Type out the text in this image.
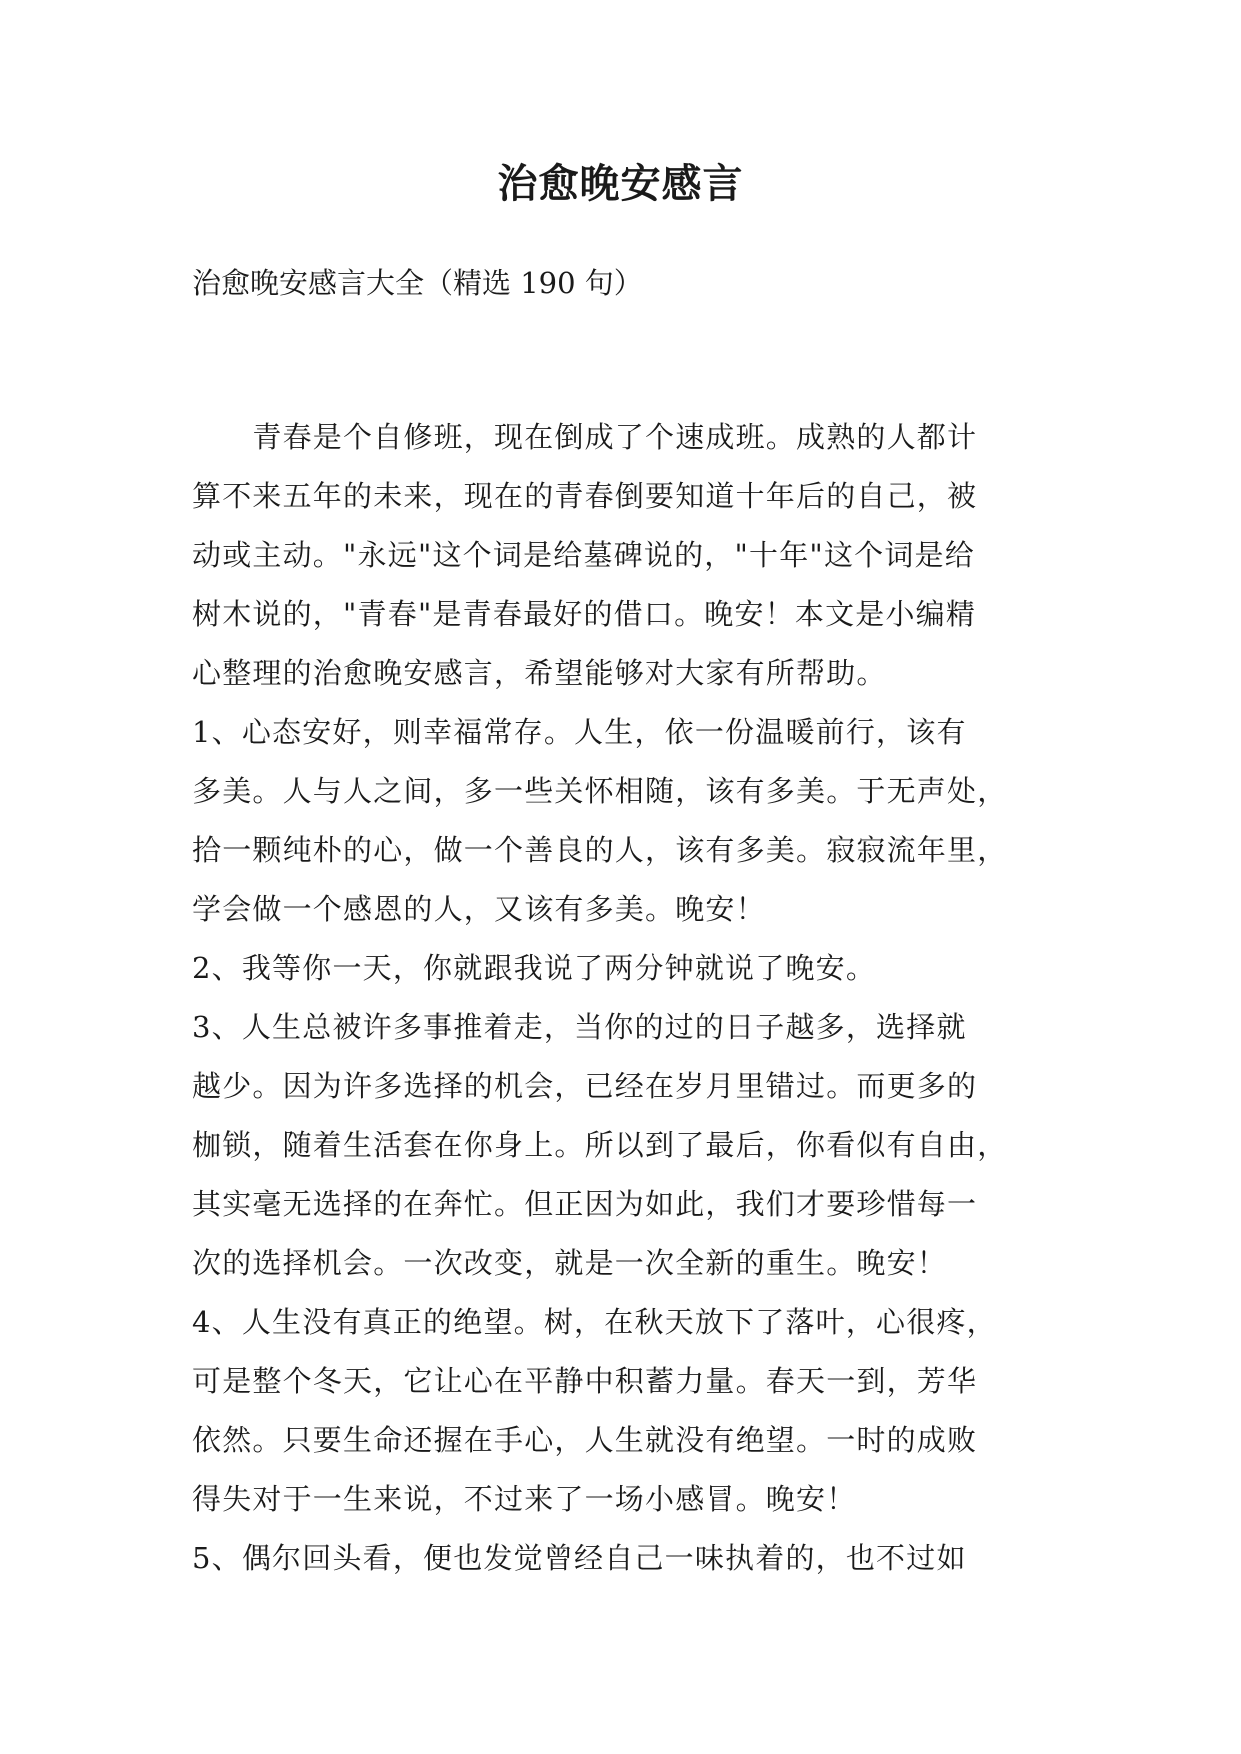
治愈晚安感言
治愈晚安感言大全（精选 190 句）
　　青春是个自修班，现在倒成了个速成班。成熟的人都计
算不来五年的未来，现在的青春倒要知道十年后的自己，被
动或主动。"永远"这个词是给墓碑说的，"十年"这个词是给
树木说的，"青春"是青春最好的借口。晚安！本文是小编精
心整理的治愈晚安感言，希望能够对大家有所帮助。
1、心态安好，则幸福常存。人生，依一份温暖前行，该有
多美。人与人之间，多一些关怀相随，该有多美。于无声处，
拾一颗纯朴的心，做一个善良的人，该有多美。寂寂流年里，
学会做一个感恩的人，又该有多美。晚安！
2、我等你一天，你就跟我说了两分钟就说了晚安。
3、人生总被许多事推着走，当你的过的日子越多，选择就
越少。因为许多选择的机会，已经在岁月里错过。而更多的
枷锁，随着生活套在你身上。所以到了最后，你看似有自由，
其实毫无选择的在奔忙。但正因为如此，我们才要珍惜每一
次的选择机会。一次改变，就是一次全新的重生。晚安！
4、人生没有真正的绝望。树，在秋天放下了落叶，心很疼，
可是整个冬天，它让心在平静中积蓄力量。春天一到，芳华
依然。只要生命还握在手心，人生就没有绝望。一时的成败
得失对于一生来说，不过来了一场小感冒。晚安！
5、偶尔回头看，便也发觉曾经自己一味执着的，也不过如
